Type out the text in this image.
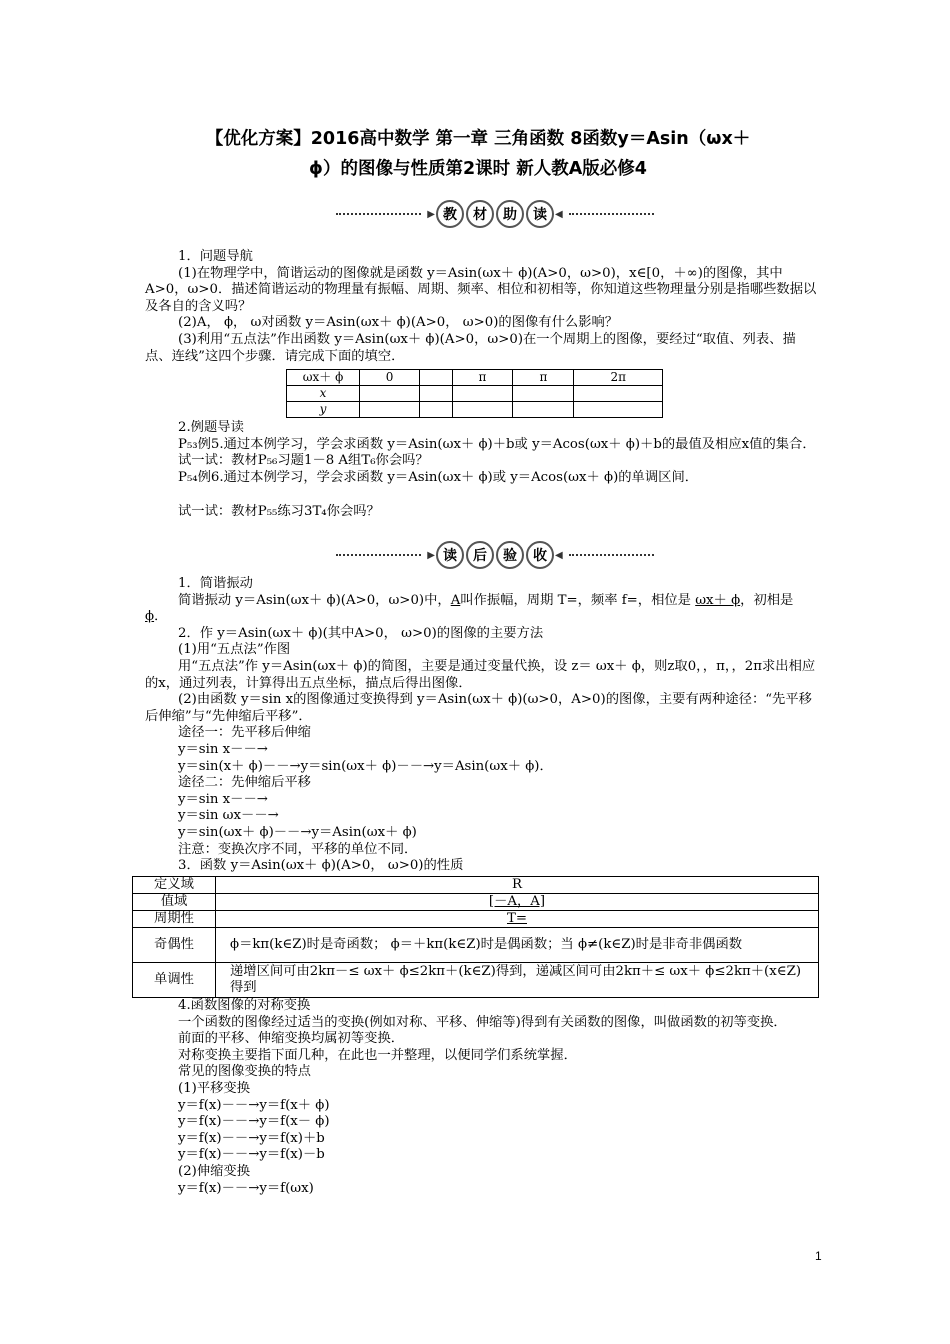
【优化方案】2016高中数学 第一章 三角函数 8函数y＝Asin（ωx＋
ϕ）的图像与性质第2课时 新人教A版必修4
▶ 教	材	助	读 ◀

1．问题导航

(1)在物理学中，简谐运动的图像就是函数 y＝Asin(ωx＋ ϕ)(A>0，ω>0)，x∈[0，＋∞)的图像，其中A>0，ω>0．描述简谐运动的物理量有振幅、周期、频率、相位和初相等，你知道这些物理量分别是指哪些数据以及各自的含义吗？

(2)A， ϕ， ω对函数 y＝Asin(ωx＋ ϕ)(A>0， ω>0)的图像有什么影响？

(3)利用“五点法”作出函数 y＝Asin(ωx＋ ϕ)(A>0，ω>0)在一个周期上的图像，要经过“取值、列表、描点、连线”这四个步骤．请完成下面的填空．

ωx＋ ϕ	0		π	π	2π
x					
y					

2.例题导读

P₅₃例5.通过本例学习，学会求函数 y＝Asin(ωx＋ ϕ)＋b或 y＝Acos(ωx＋ ϕ)＋b的最值及相应x值的集合．

试一试：教材P₅₆习题1－8 A组T₆你会吗？

P₅₄例6.通过本例学习，学会求函数 y＝Asin(ωx＋ ϕ)或 y＝Acos(ωx＋ ϕ)的单调区间．

试一试：教材P₅₅练习3T₄你会吗？

▶ 读	后	验	收 ◀

1．简谐振动

简谐振动 y＝Asin(ωx＋ ϕ)(A>0，ω>0)中，A叫作振幅，周期 T=，频率 f=，相位是 ωx＋ ϕ，初相是 ϕ．

2．作 y＝Asin(ωx＋ ϕ)(其中A>0， ω>0)的图像的主要方法

(1)用“五点法”作图

用“五点法”作 y＝Asin(ωx＋ ϕ)的简图，主要是通过变量代换，设 z＝ ωx＋ ϕ，则z取0，，π，，2π求出相应的x，通过列表，计算得出五点坐标，描点后得出图像．

(2)由函数 y＝sin x的图像通过变换得到 y＝Asin(ωx＋ ϕ)(ω>0，A>0)的图像，主要有两种途径：“先平移后伸缩”与“先伸缩后平移”．

途径一：先平移后伸缩

y＝sin x－－→

y＝sin(x＋ ϕ)－－→y＝sin(ωx＋ ϕ)－－→y＝Asin(ωx＋ ϕ)．

途径二：先伸缩后平移

y＝sin x－－→

y＝sin ωx－－→

y＝sin(ωx＋ ϕ)－－→y＝Asin(ωx＋ ϕ)

注意：变换次序不同，平移的单位不同．

3．函数 y＝Asin(ωx＋ ϕ)(A>0， ω>0)的性质

定义域	R
值域	[－A，A]
周期性	T=
奇偶性	ϕ＝kπ(k∈Z)时是奇函数； ϕ＝＋kπ(k∈Z)时是偶函数；当 ϕ≠(k∈Z)时是非奇非偶函数
单调性	递增区间可由2kπ－≤ ωx＋ ϕ≤2kπ＋(k∈Z)得到，递减区间可由2kπ＋≤ ωx＋ ϕ≤2kπ＋(x∈Z)得到

4.函数图像的对称变换

一个函数的图像经过适当的变换(例如对称、平移、伸缩等)得到有关函数的图像，叫做函数的初等变换．

前面的平移、伸缩变换均属初等变换．

对称变换主要指下面几种，在此也一并整理，以便同学们系统掌握．

常见的图像变换的特点

(1)平移变换

y＝f(x)－－→y＝f(x＋ ϕ)

y＝f(x)－－→y＝f(x－ ϕ)

y＝f(x)－－→y＝f(x)＋b

y＝f(x)－－→y＝f(x)－b

(2)伸缩变换

y＝f(x)－－→y＝f(ωx)

1
